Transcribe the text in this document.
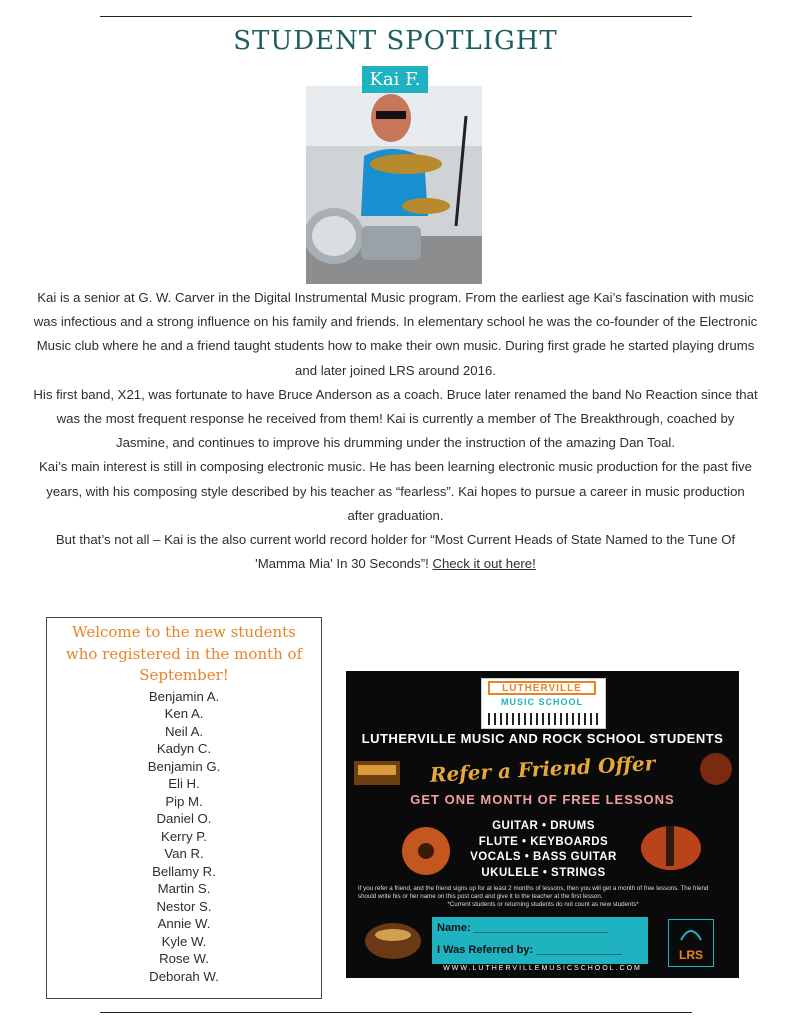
STUDENT SPOTLIGHT
Kai F.

Kai is a senior at G. W. Carver in the Digital Instrumental Music program. From the earliest age Kai’s fascination with music was infectious and a strong influence on his family and friends. In elementary school he was the co-founder of the Electronic Music club where he and a friend taught students how to make their own music. During first grade he started playing drums and later joined LRS around 2016.

His first band, X21, was fortunate to have Bruce Anderson as a coach. Bruce later renamed the band No Reaction since that was the most frequent response he received from them! Kai is currently a member of The Breakthrough, coached by Jasmine, and continues to improve his drumming under the instruction of the amazing Dan Toal.

Kai’s main interest is still in composing electronic music. He has been learning electronic music production for the past five years, with his composing style described by his teacher as “fearless”. Kai hopes to pursue a career in music production after graduation.

But that’s not all – Kai is the also current world record holder for “Most Current Heads of State Named to the Tune Of 'Mamma Mia' In 30 Seconds”! Check it out here!

Welcome to the new students who registered in the month of September!
Benjamin A.
Ken A.
Neil A.
Kadyn C.
Benjamin G.
Eli H.
Pip M.
Daniel O.
Kerry P.
Van R.
Bellamy R.
Martin S.
Nestor S.
Annie W.
Kyle W.
Rose W.
Deborah W.
LUTHERVILLE
MUSIC SCHOOL
LUTHERVILLE MUSIC AND ROCK SCHOOL STUDENTS
Refer a Friend Offer
GET ONE MONTH OF FREE LESSONS
GUITAR • DRUMS
FLUTE • KEYBOARDS
VOCALS • BASS GUITAR
UKULELE • STRINGS
If you refer a friend, and the friend signs up for at least 2 months of lessons, then you will get a month of free lessons. The friend should write his or her name on this post card and give it to the teacher at the first lesson.
*Current students or returning students do not count as new students*
Name: ______________________
I Was Referred by: ______________	LRS
WWW.LUTHERVILLEMUSICSCHOOL.COM
